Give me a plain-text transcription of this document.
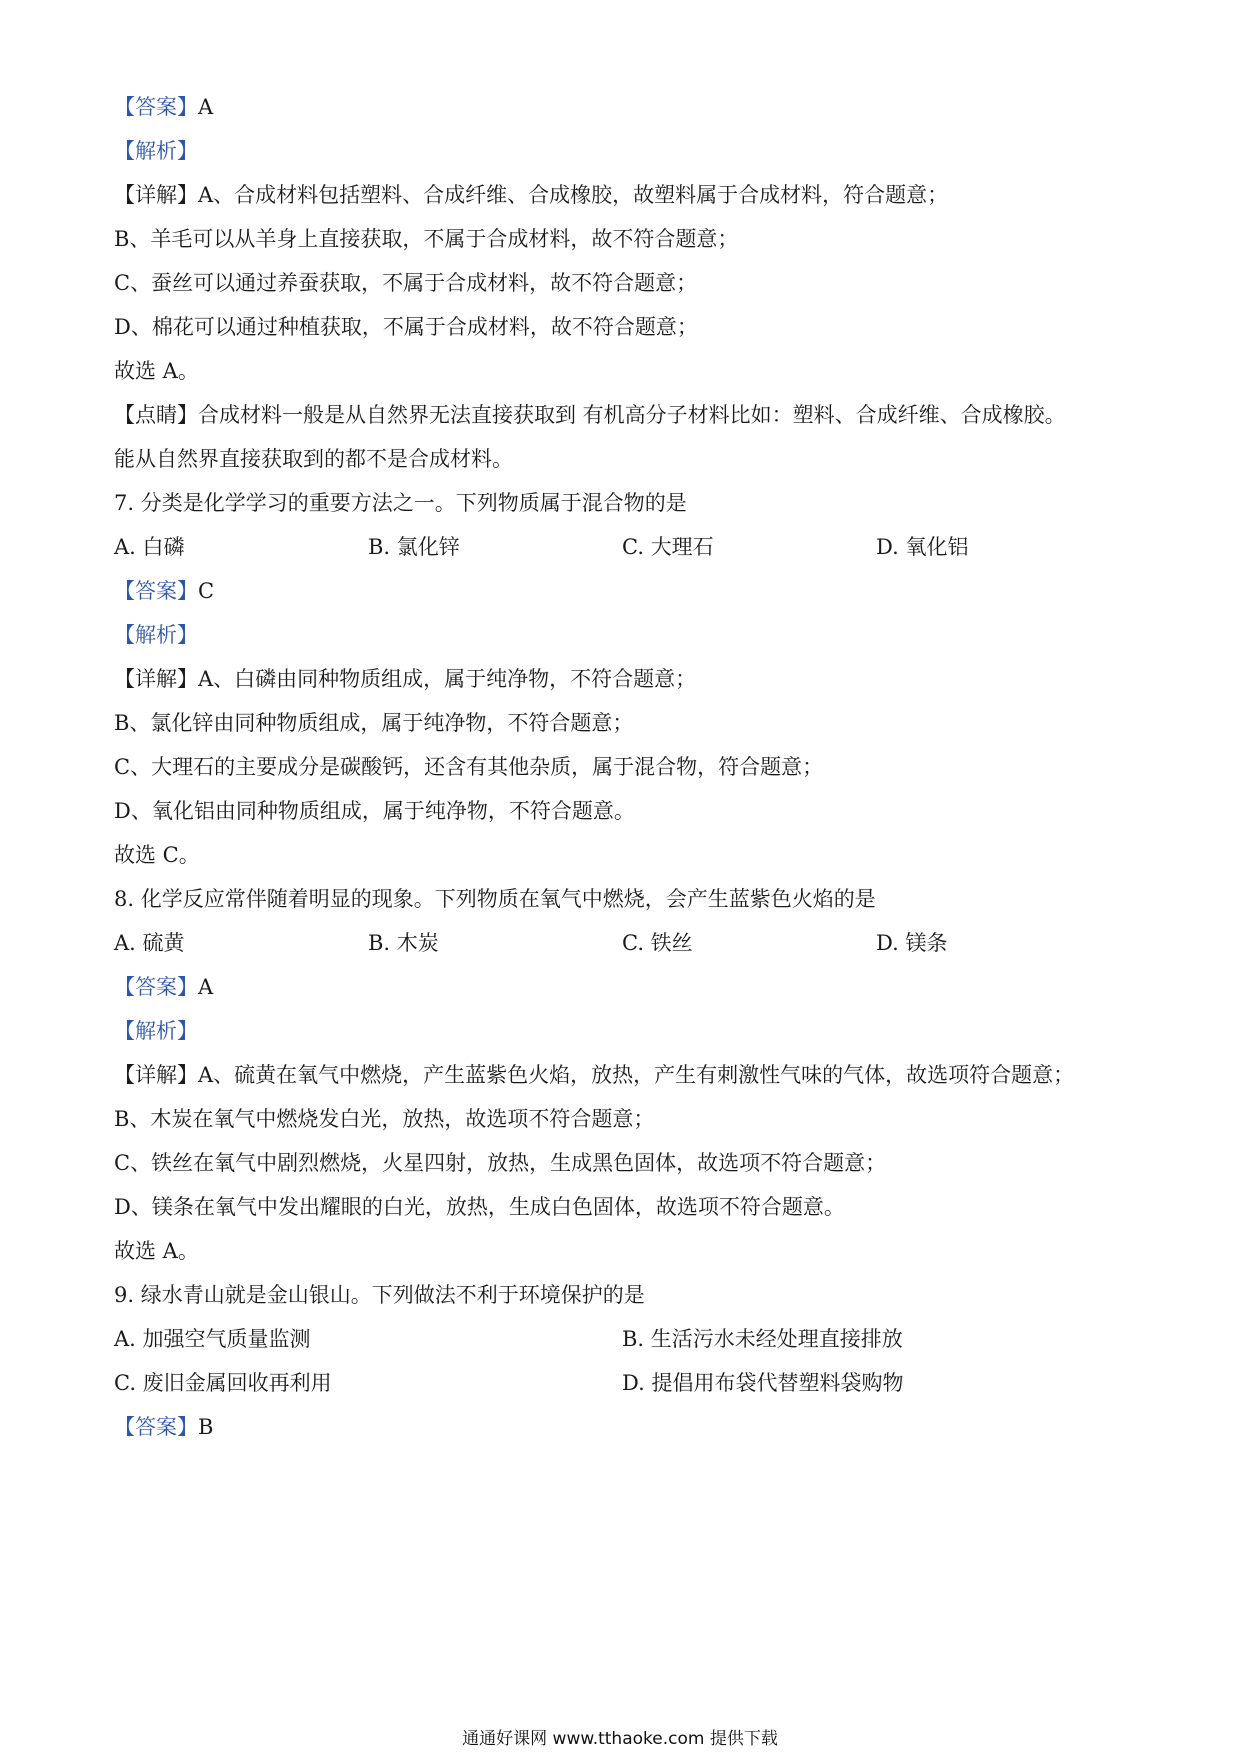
【答案】A
【解析】
【详解】A、合成材料包括塑料、合成纤维、合成橡胶，故塑料属于合成材料，符合题意；
B、羊毛可以从羊身上直接获取，不属于合成材料，故不符合题意；
C、蚕丝可以通过养蚕获取，不属于合成材料，故不符合题意；
D、棉花可以通过种植获取，不属于合成材料，故不符合题意；
故选 A。
【点睛】合成材料一般是从自然界无法直接获取到 有机高分子材料比如：塑料、合成纤维、合成橡胶。
能从自然界直接获取到的都不是合成材料。
7. 分类是化学学习的重要方法之一。下列物质属于混合物的是
A. 白磷	B. 氯化锌	C. 大理石	D. 氧化铝
【答案】C
【解析】
【详解】A、白磷由同种物质组成，属于纯净物，不符合题意；
B、氯化锌由同种物质组成，属于纯净物，不符合题意；
C、大理石的主要成分是碳酸钙，还含有其他杂质，属于混合物，符合题意；
D、氧化铝由同种物质组成，属于纯净物，不符合题意。
故选 C。
8. 化学反应常伴随着明显的现象。下列物质在氧气中燃烧，会产生蓝紫色火焰的是
A. 硫黄	B. 木炭	C. 铁丝	D. 镁条
【答案】A
【解析】
【详解】A、硫黄在氧气中燃烧，产生蓝紫色火焰，放热，产生有刺激性气味的气体，故选项符合题意；
B、木炭在氧气中燃烧发白光，放热，故选项不符合题意；
C、铁丝在氧气中剧烈燃烧，火星四射，放热，生成黑色固体，故选项不符合题意；
D、镁条在氧气中发出耀眼的白光，放热，生成白色固体，故选项不符合题意。
故选 A。
9. 绿水青山就是金山银山。下列做法不利于环境保护的是
A. 加强空气质量监测	B. 生活污水未经处理直接排放
C. 废旧金属回收再利用	D. 提倡用布袋代替塑料袋购物
【答案】B
通通好课网 www.tthaoke.com 提供下载
